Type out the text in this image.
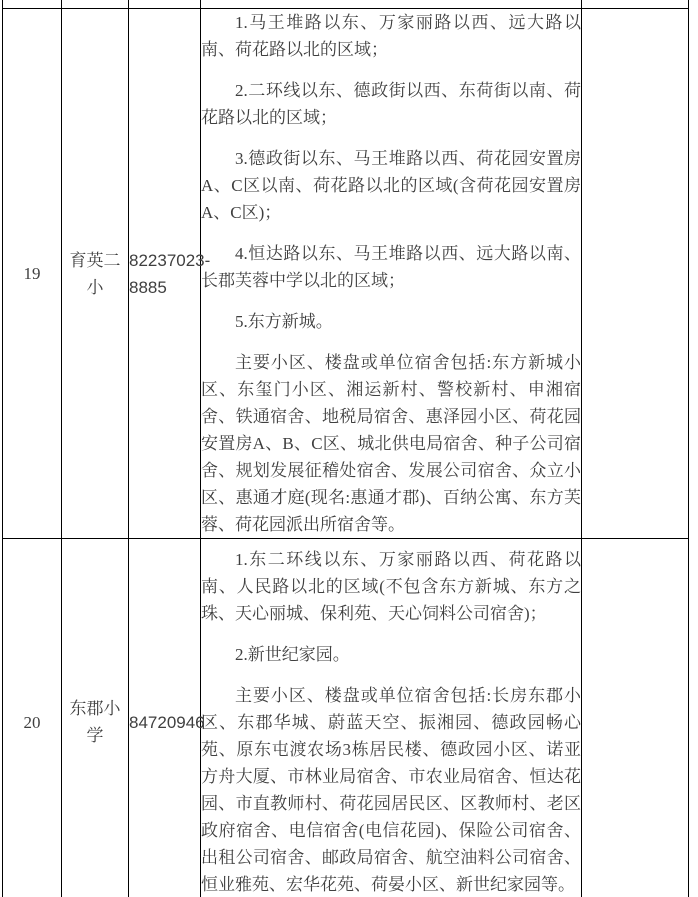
19	育英二小	82237023-8885	

1.马王堆路以东、万家丽路以西、远大路以南、荷花路以北的区域；

2.二环线以东、德政街以西、东荷街以南、荷花路以北的区域；

3.德政街以东、马王堆路以西、荷花园安置房A、C区以南、荷花路以北的区域(含荷花园安置房A、C区)；

4.恒达路以东、马王堆路以西、远大路以南、长郡芙蓉中学以北的区域；

5.东方新城。

主要小区、楼盘或单位宿舍包括:东方新城小区、东玺门小区、湘运新村、警校新村、申湘宿舍、铁通宿舍、地税局宿舍、惠泽园小区、荷花园安置房A、B、C区、城北供电局宿舍、种子公司宿舍、规划发展征稽处宿舍、发展公司宿舍、众立小区、惠通才庭(现名:惠通才郡)、百纳公寓、东方芙蓉、荷花园派出所宿舍等。

20	东郡小学	84720946	1.东二环线以东、万家丽路以西、荷花路以南、人民路以北的区域(不包含东方新城、东方之珠、天心丽城、保利苑、天心饲料公司宿舍)；

2.新世纪家园。

主要小区、楼盘或单位宿舍包括:长房东郡小区、东郡华城、蔚蓝天空、振湘园、德政园畅心苑、原东屯渡农场3栋居民楼、德政园小区、诺亚方舟大厦、市林业局宿舍、市农业局宿舍、恒达花园、市直教师村、荷花园居民区、区教师村、老区政府宿舍、电信宿舍(电信花园)、保险公司宿舍、出租公司宿舍、邮政局宿舍、航空油料公司宿舍、恒业雅苑、宏华花苑、荷晏小区、新世纪家园等。	
